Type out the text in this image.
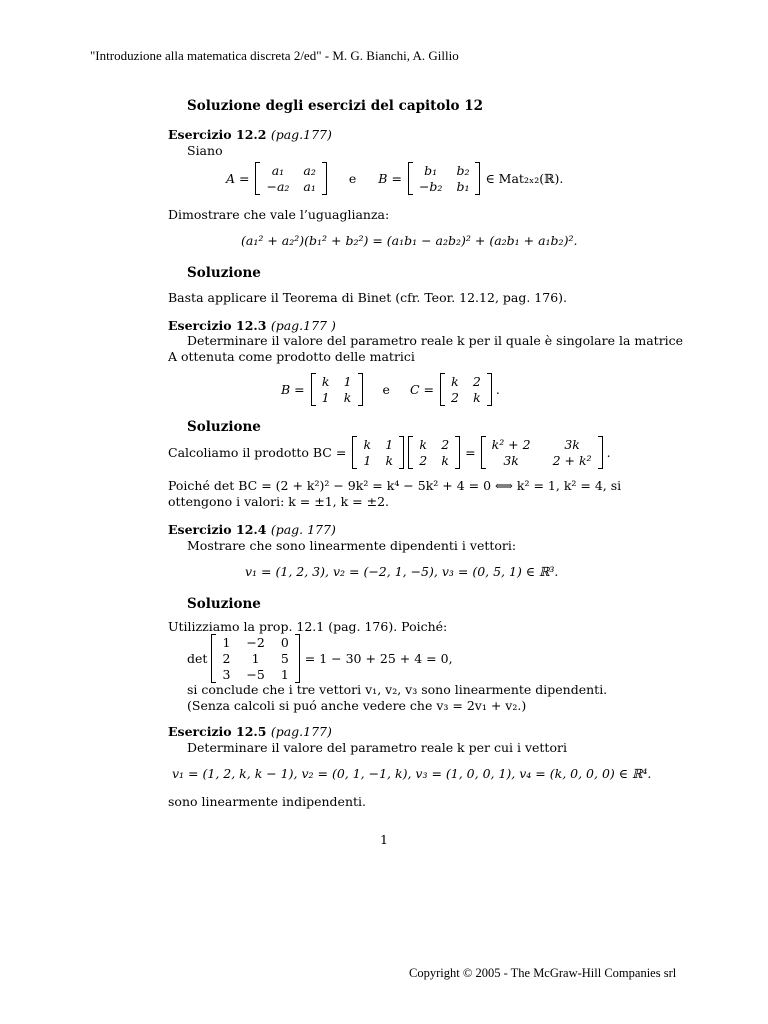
"Introduzione alla matematica discreta 2/ed" - M. G. Bianchi, A. Gillio
Soluzione degli esercizi del capitolo 12
Esercizio 12.2 (pag.177)
Siano
A =
a₁	a₂
−a₂ a₁
e B =
b₁	b₂
−b₂ b₁
∈ Mat₂ₓ₂(ℝ).
Dimostrare che vale l’uguaglianza:
(a₁² + a₂²)(b₁² + b₂²) = (a₁b₁ − a₂b₂)² + (a₂b₁ + a₁b₂)².
Soluzione
Basta applicare il Teorema di Binet (cfr. Teor. 12.12, pag. 176).
Esercizio 12.3 (pag.177 )
Determinare il valore del parametro reale k per il quale è singolare la matrice
A ottenuta come prodotto delle matrici
B =
k 1
1 k
e C =
k 2
2 k
.
Soluzione
Calcoliamo il prodotto BC =
k 1
1 k
k 2
2 k
=
k² + 2	3k
3k	2 + k²
.
Poiché det BC = (2 + k²)² − 9k² = k⁴ − 5k² + 4 = 0 ⟺ k² = 1, k² = 4, si
ottengono i valori: k = ±1, k = ±2.
Esercizio 12.4 (pag. 177)
Mostrare che sono linearmente dipendenti i vettori:
v₁ = (1, 2, 3), v₂ = (−2, 1, −5), v₃ = (0, 5, 1) ∈ ℝ³.
Soluzione
Utilizziamo la prop. 12.1 (pag. 176). Poiché:
det
1 −2 0
2	1	5
3 −5 1
= 1 − 30 + 25 + 4 = 0,
si conclude che i tre vettori v₁, v₂, v₃ sono linearmente dipendenti.
(Senza calcoli si puó anche vedere che v₃ = 2v₁ + v₂.)
Esercizio 12.5 (pag.177)
Determinare il valore del parametro reale k per cui i vettori
v₁ = (1, 2, k, k − 1), v₂ = (0, 1, −1, k), v₃ = (1, 0, 0, 1), v₄ = (k, 0, 0, 0) ∈ ℝ⁴.
sono linearmente indipendenti.
1
Copyright © 2005 - The McGraw-Hill Companies srl
